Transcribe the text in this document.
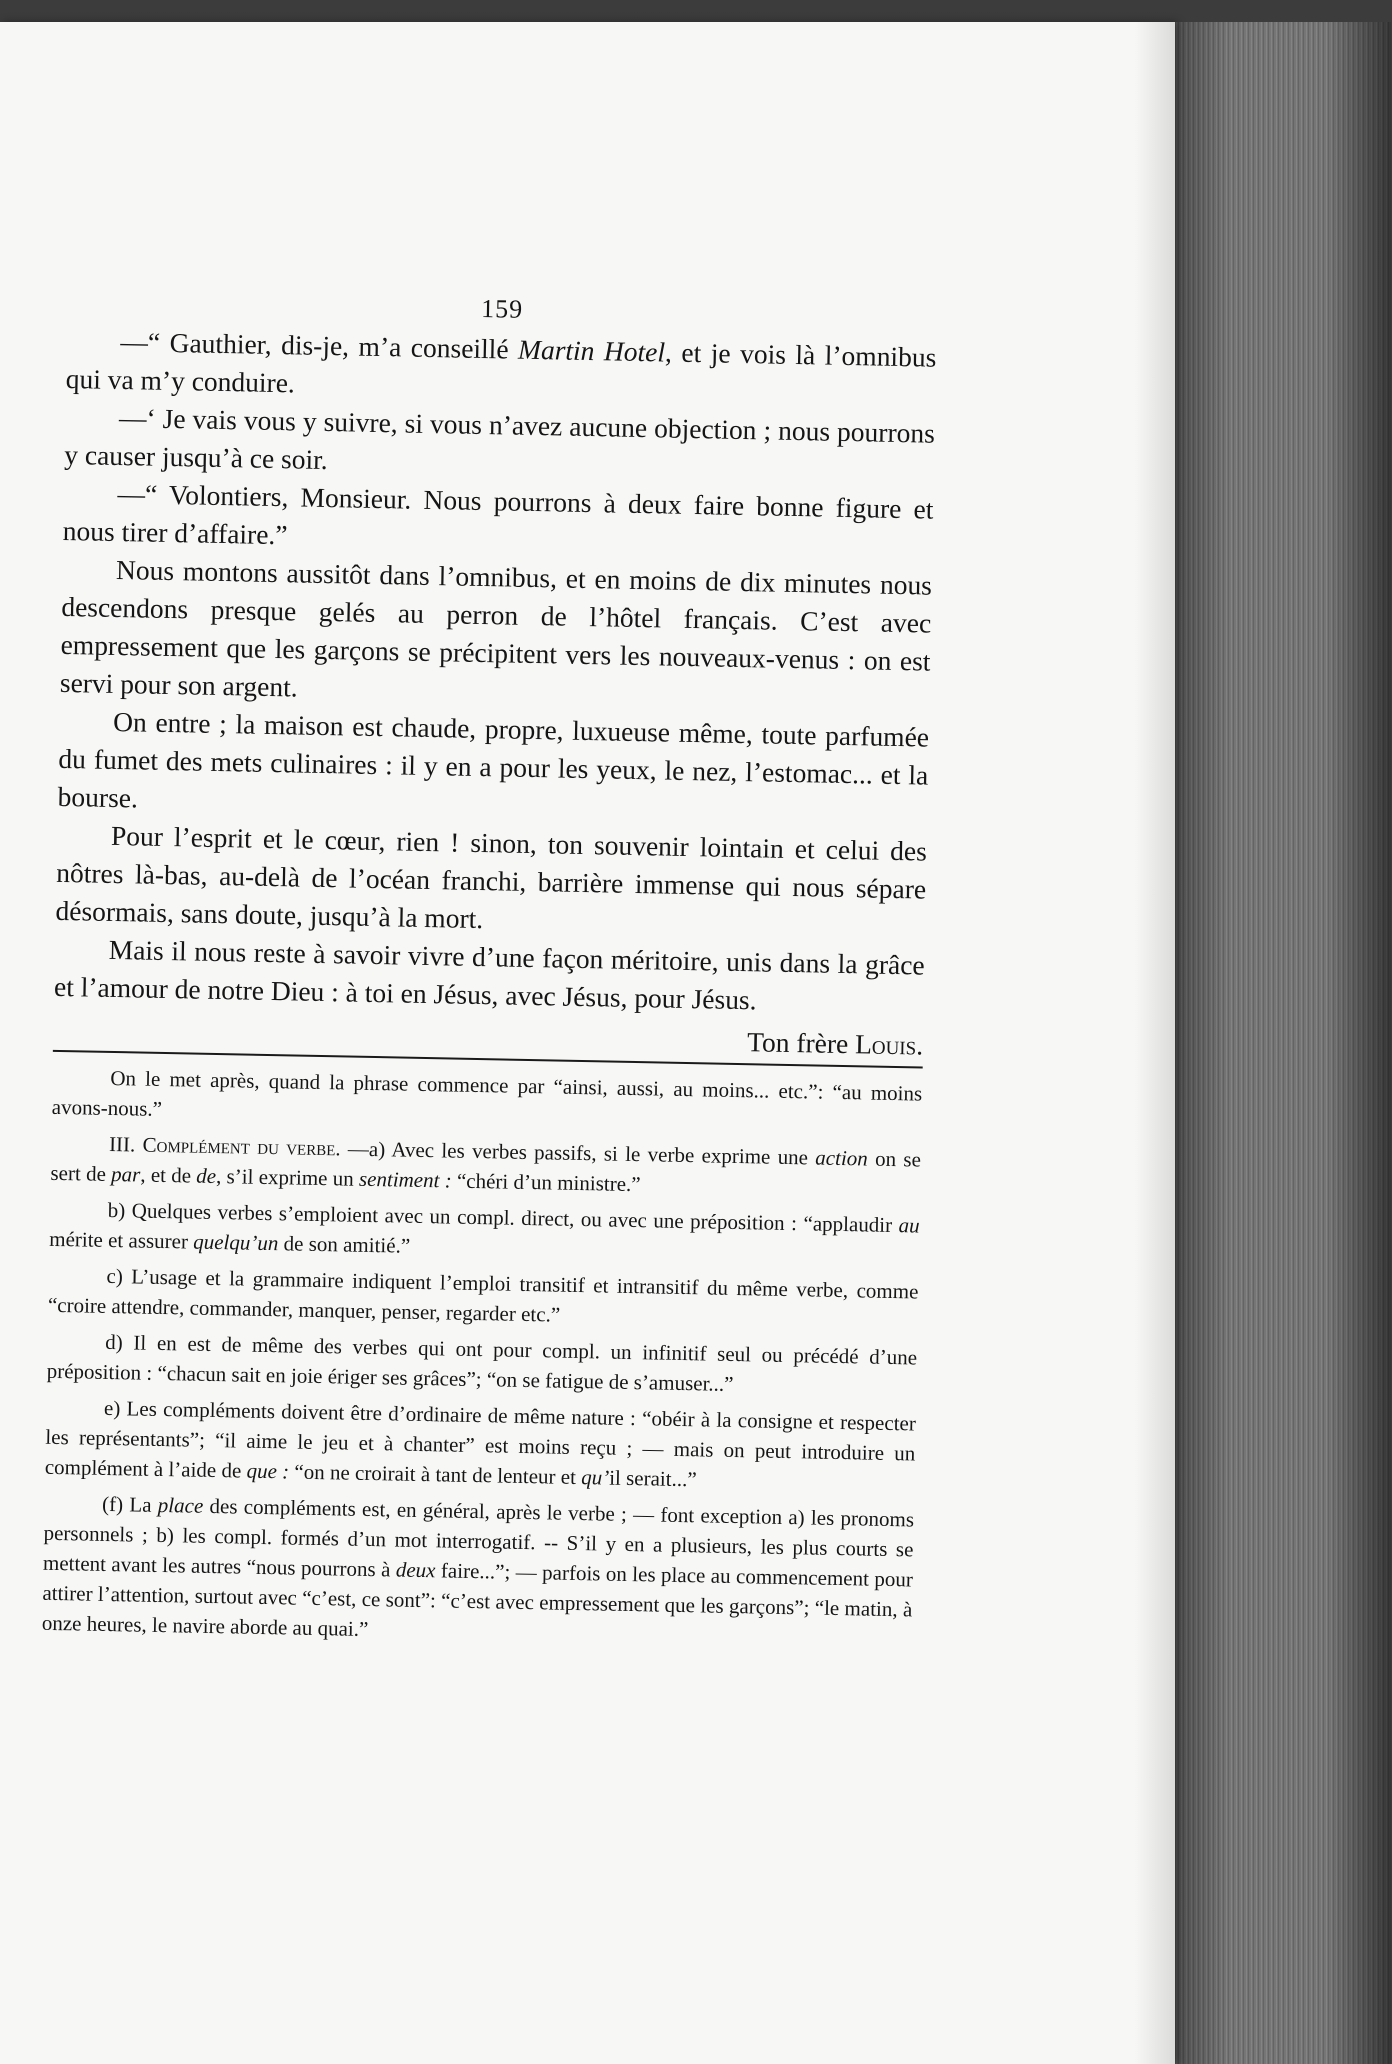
159

—“ Gauthier, dis-je, m’a conseillé Martin Hotel, et je vois là l’omnibus qui va m’y conduire.

—‘ Je vais vous y suivre, si vous n’avez aucune objection ; nous pourrons y causer jusqu’à ce soir.

—“ Volontiers, Monsieur. Nous pourrons à deux faire bonne figure et nous tirer d’affaire.”

Nous montons aussitôt dans l’omnibus, et en moins de dix minutes nous descendons presque gelés au perron de l’hôtel français. C’est avec empressement que les garçons se précipitent vers les nouveaux-venus : on est servi pour son argent.

On entre ; la maison est chaude, propre, luxueuse même, toute parfumée du fumet des mets culinaires : il y en a pour les yeux, le nez, l’estomac... et la bourse.

Pour l’esprit et le cœur, rien ! sinon, ton souvenir lointain et celui des nôtres là-bas, au-delà de l’océan franchi, barrière immense qui nous sépare désormais, sans doute, jusqu’à la mort.

Mais il nous reste à savoir vivre d’une façon méritoire, unis dans la grâce et l’amour de notre Dieu : à toi en Jésus, avec Jésus, pour Jésus.

Ton frère Louis.

On le met après, quand la phrase commence par “ainsi, aussi, au moins... etc.”: “au moins avons-nous.”

III. Complément du verbe. —a) Avec les verbes passifs, si le verbe exprime une action on se sert de par, et de de, s’il exprime un sentiment : “chéri d’un ministre.”

b) Quelques verbes s’emploient avec un compl. direct, ou avec une préposition : “applaudir au mérite et assurer quelqu’un de son amitié.”

c) L’usage et la grammaire indiquent l’emploi transitif et intransitif du même verbe, comme “croire attendre, commander, manquer, penser, regarder etc.”

d) Il en est de même des verbes qui ont pour compl. un infinitif seul ou précédé d’une préposition : “chacun sait en joie ériger ses grâces”; “on se fatigue de s’amuser...”

e) Les compléments doivent être d’ordinaire de même nature : “obéir à la consigne et respecter les représentants”; “il aime le jeu et à chanter” est moins reçu ; — mais on peut introduire un complément à l’aide de que : “on ne croirait à tant de lenteur et qu’il serait...”

(f) La place des compléments est, en général, après le verbe ; — font exception a) les pronoms personnels ; b) les compl. formés d’un mot interrogatif. -- S’il y en a plusieurs, les plus courts se mettent avant les autres “nous pourrons à deux faire...”; — parfois on les place au commencement pour attirer l’attention, surtout avec “c’est, ce sont”: “c’est avec empressement que les garçons”; “le matin, à onze heures, le navire aborde au quai.”
